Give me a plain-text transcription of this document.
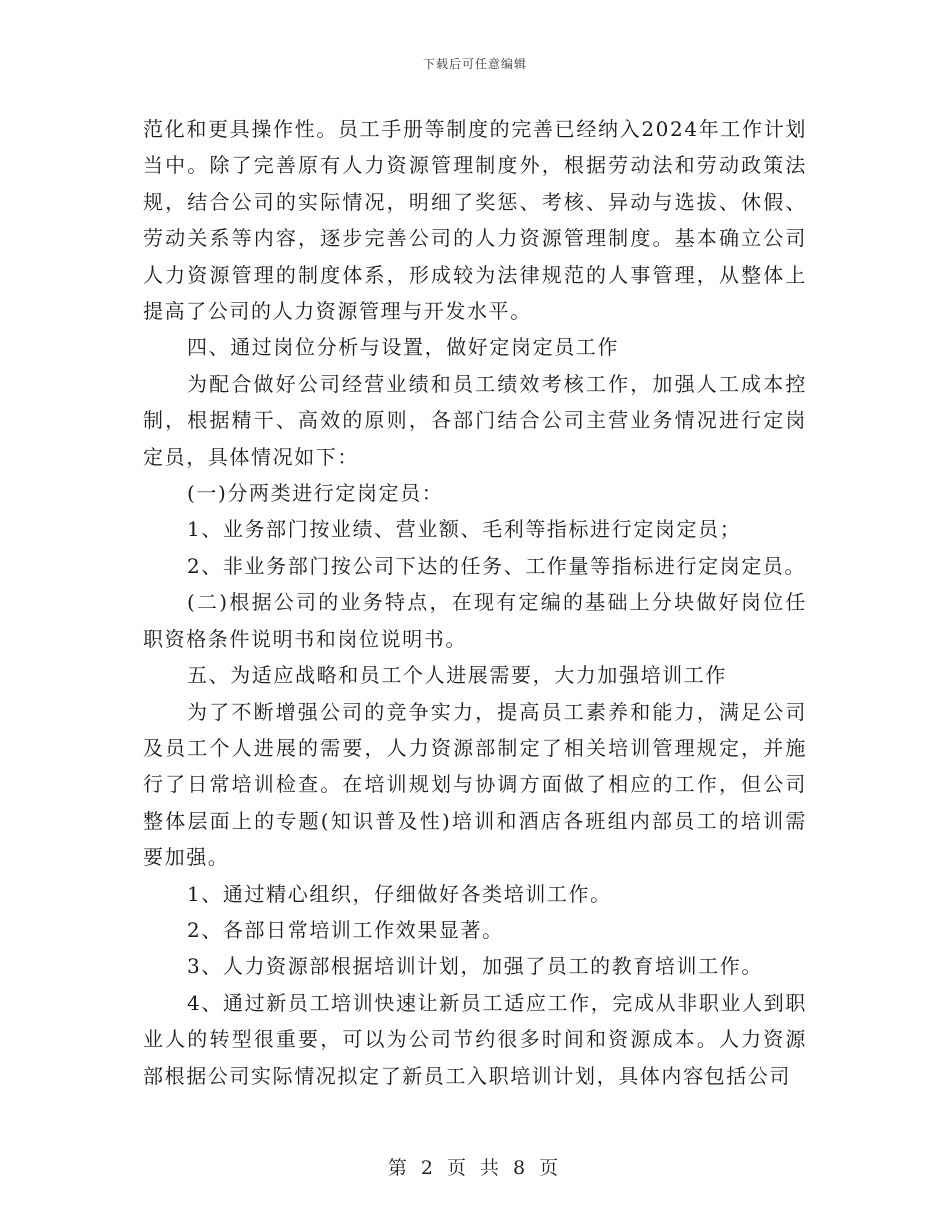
下载后可任意编辑

范化和更具操作性。员工手册等制度的完善已经纳入2024年工作计划当中。除了完善原有人力资源管理制度外，根据劳动法和劳动政策法规，结合公司的实际情况，明细了奖惩、考核、异动与选拔、休假、劳动关系等内容，逐步完善公司的人力资源管理制度。基本确立公司人力资源管理的制度体系，形成较为法律规范的人事管理，从整体上提高了公司的人力资源管理与开发水平。

四、通过岗位分析与设置，做好定岗定员工作

为配合做好公司经营业绩和员工绩效考核工作，加强人工成本控制，根据精干、高效的原则，各部门结合公司主营业务情况进行定岗定员，具体情况如下：

(一)分两类进行定岗定员：

1、业务部门按业绩、营业额、毛利等指标进行定岗定员；

2、非业务部门按公司下达的任务、工作量等指标进行定岗定员。

(二)根据公司的业务特点，在现有定编的基础上分块做好岗位任职资格条件说明书和岗位说明书。

五、为适应战略和员工个人进展需要，大力加强培训工作

为了不断增强公司的竞争实力，提高员工素养和能力，满足公司及员工个人进展的需要，人力资源部制定了相关培训管理规定，并施行了日常培训检查。在培训规划与协调方面做了相应的工作，但公司整体层面上的专题(知识普及性)培训和酒店各班组内部员工的培训需要加强。

1、通过精心组织，仔细做好各类培训工作。

2、各部日常培训工作效果显著。

3、人力资源部根据培训计划，加强了员工的教育培训工作。

4、通过新员工培训快速让新员工适应工作，完成从非职业人到职业人的转型很重要，可以为公司节约很多时间和资源成本。人力资源部根据公司实际情况拟定了新员工入职培训计划，具体内容包括公司

第 2 页 共 8 页
